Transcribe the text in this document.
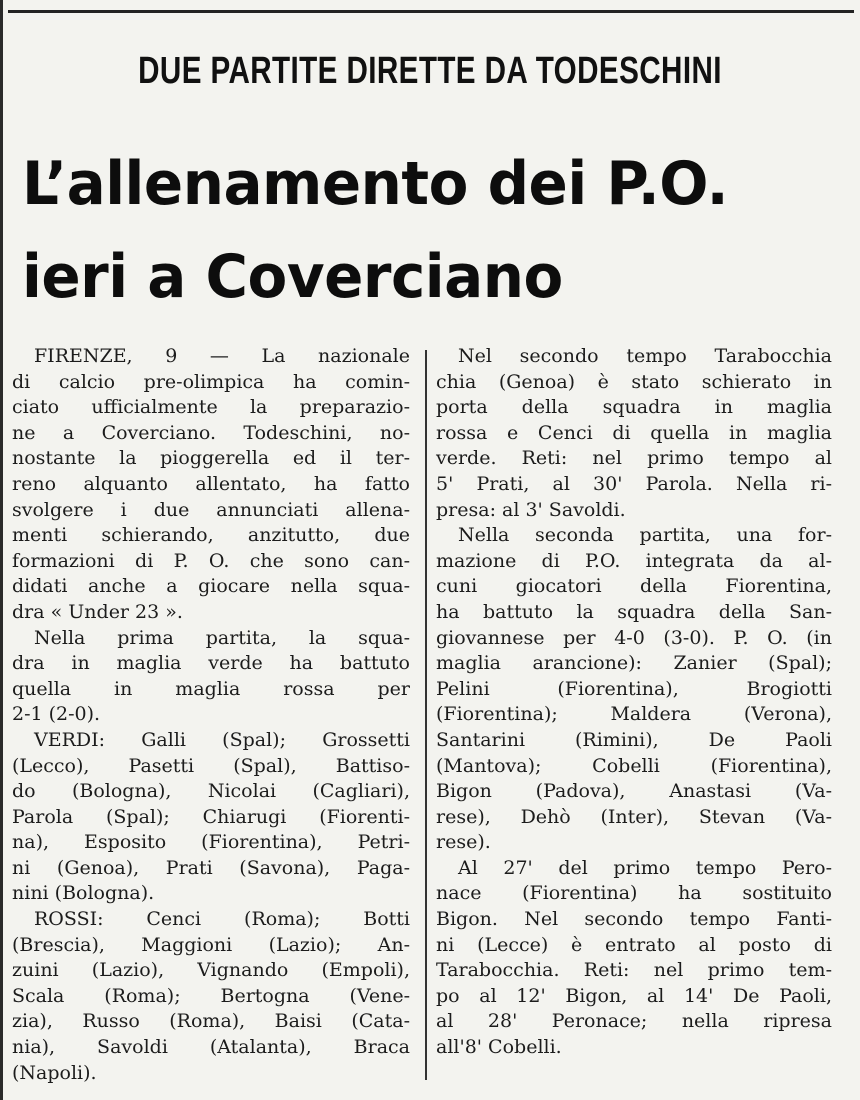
DUE PARTITE DIRETTE DA TODESCHINI
L’allenamento dei P.O.
ieri a Coverciano
FIRENZE, 9 — La nazionale
di calcio pre-olimpica ha comin-
ciato ufficialmente la preparazio-
ne a Coverciano. Todeschini, no-
nostante la pioggerella ed il ter-
reno alquanto allentato, ha fatto
svolgere i due annunciati allena-
menti schierando, anzitutto, due
formazioni di P. O. che sono can-
didati anche a giocare nella squa-
dra « Under 23 ».
Nella prima partita, la squa-
dra in maglia verde ha battuto
quella in maglia rossa per
2-1 (2-0).
VERDI: Galli (Spal); Grossetti
(Lecco), Pasetti (Spal), Battiso-
do (Bologna), Nicolai (Cagliari),
Parola (Spal); Chiarugi (Fiorenti-
na), Esposito (Fiorentina), Petri-
ni (Genoa), Prati (Savona), Paga-
nini (Bologna).
ROSSI: Cenci (Roma); Botti
(Brescia), Maggioni (Lazio); An-
zuini (Lazio), Vignando (Empoli),
Scala (Roma); Bertogna (Vene-
zia), Russo (Roma), Baisi (Cata-
nia), Savoldi (Atalanta), Braca
(Napoli).
Nel secondo tempo Tarabocchia
chia (Genoa) è stato schierato in
porta della squadra in maglia
rossa e Cenci di quella in maglia
verde. Reti: nel primo tempo al
5' Prati, al 30' Parola. Nella ri-
presa: al 3' Savoldi.
Nella seconda partita, una for-
mazione di P.O. integrata da al-
cuni giocatori della Fiorentina,
ha battuto la squadra della San-
giovannese per 4-0 (3-0). P. O. (in
maglia arancione): Zanier (Spal);
Pelini (Fiorentina), Brogiotti
(Fiorentina); Maldera (Verona),
Santarini (Rimini), De Paoli
(Mantova); Cobelli (Fiorentina),
Bigon (Padova), Anastasi (Va-
rese), Dehò (Inter), Stevan (Va-
rese).
Al 27' del primo tempo Pero-
nace (Fiorentina) ha sostituito
Bigon. Nel secondo tempo Fanti-
ni (Lecce) è entrato al posto di
Tarabocchia. Reti: nel primo tem-
po al 12' Bigon, al 14' De Paoli,
al 28' Peronace; nella ripresa
all'8' Cobelli.
